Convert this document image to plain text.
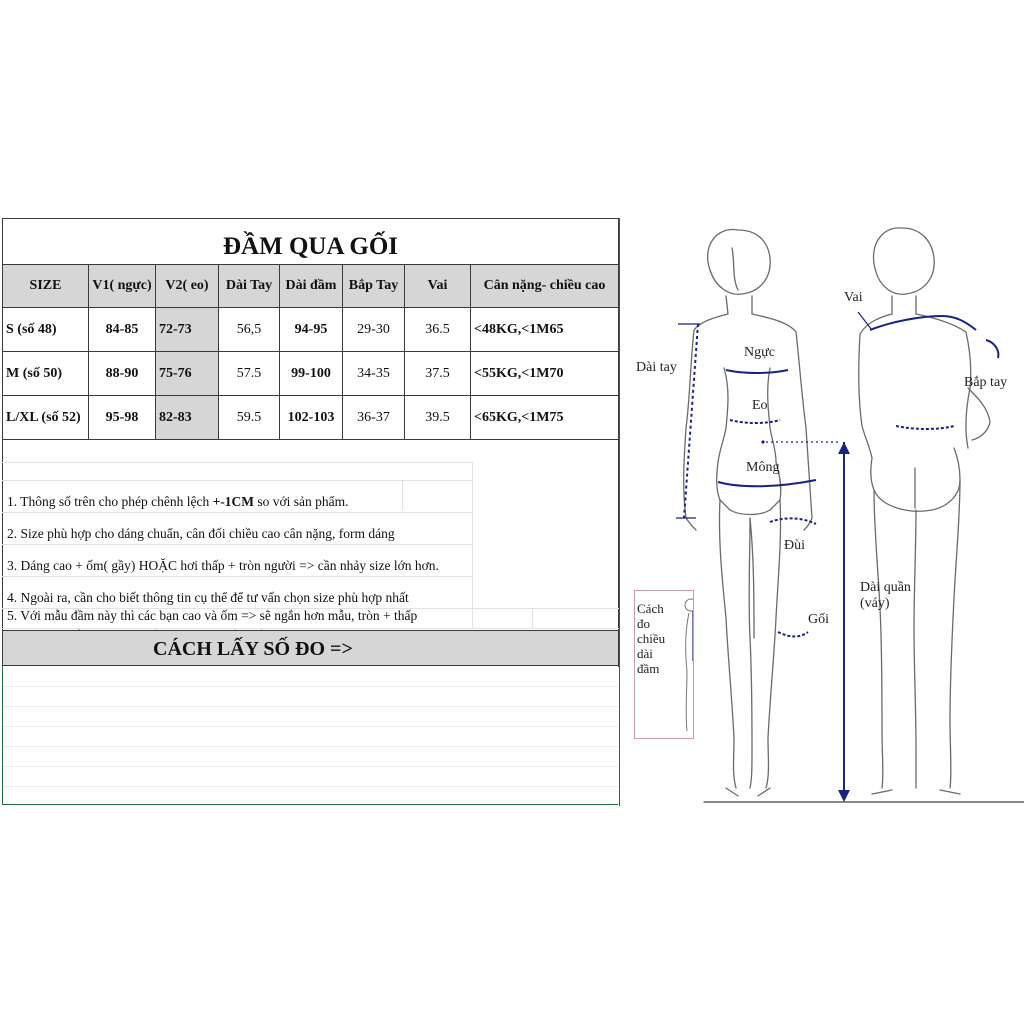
ĐẦM QUA GỐI
SIZE	V1( ngực)	V2( eo)	Dài Tay	Dài đầm	Bắp Tay	Vai	Cân nặng- chiều cao
S (số 48)	84-85	72-73	56,5	94-95	29-30	36.5	<48KG,<1M65
M (số 50)	88-90	75-76	57.5	99-100	34-35	37.5	<55KG,<1M70
L/XL (số 52)	95-98	82-83	59.5	102-103	36-37	39.5	<65KG,<1M75
1. Thông số trên cho phép chênh lệch +-1CM so với sản phẩm.
2. Size phù hợp cho dáng chuẩn, cân đối chiều cao cân nặng, form dáng
3. Dáng cao + ốm( gầy) HOẶC hơi thấp + tròn người => cần nhảy size lớn hơn.
4. Ngoài ra, cần cho biết thông tin cụ thể để tư vấn chọn size phù hợp nhất
5. Với mẫu đầm này thì các bạn cao và ốm => sẽ ngắn hơn mẫu, tròn + thấp
CÁCH LẤY SỐ ĐO =>
Vai
Dài tay
Ngực
Bắp tay
Eo
Mông
Đùi
Gối
Dài quần
(váy)
Cách
đo
chiều
dài
đầm
